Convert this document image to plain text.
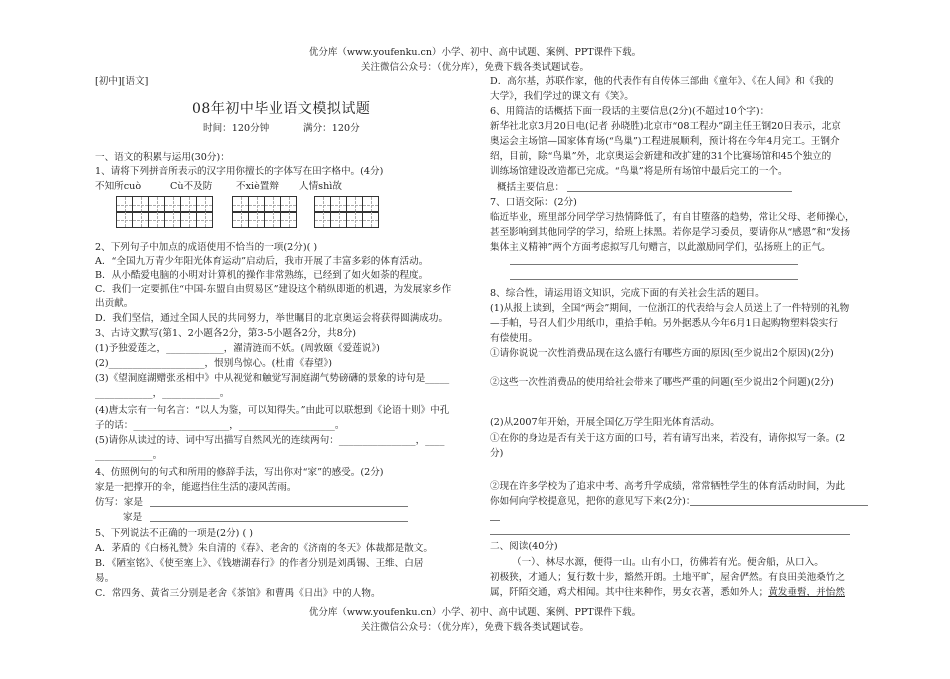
优分库（www.youfenku.cn）小学、初中、高中试题、案例、PPT课件下载。
关注微信公众号：（优分库），免费下载各类试题试卷。
[初中][语文]
08年初中毕业语文模拟试题
时间：120分钟	满分：120分
一、语文的积累与运用(30分)：
1、请将下列拼音所表示的汉字用你擅长的字体写在田字格中。(4分)
不知所cuò	Cù不及防 不xiè置辩 人情shì故
2、下列句子中加点的成语使用不恰当的一项(2分)( )
A．“全国九万青少年阳光体育运动”启动后，我市开展了丰富多彩的体育活动。
B．从小酷爱电脑的小明对计算机的操作非常熟练，已经到了如火如荼的程度。
C．我们一定要抓住“中国-东盟自由贸易区”建设这个稍纵即逝的机遇，为发展家乡作
出贡献。
D．我们坚信，通过全国人民的共同努力，举世瞩目的北京奥运会将获得圆满成功。
3、古诗文默写(第1、2小题各2分，第3-5小题各2分，共8分)
(1)予独爱莲之，____________，濯清涟而不妖。(周敦颐《爱莲说》)
(2)____________________，恨别鸟惊心。(杜甫《春望》)
(3)《望洞庭湖赠张丞相中》中从视觉和触觉写洞庭湖气势磅礴的景象的诗句是_____
____________，____________。
(4)唐太宗有一句名言：“以人为鉴，可以知得失。”由此可以联想到《论语十则》中孔
子的话：____________________，____________________。
(5)请你从读过的诗、词中写出描写自然风光的连续两句：________________，____
____________。
4、仿照例句的句式和所用的修辞手法，写出你对“家”的感受。(2分)
家是一把撑开的伞，能遮挡住生活的凄风苦雨。
仿写：家是
家是
5、下列说法不正确的一项是(2分) ( )
A．茅盾的《白杨礼赞》朱自清的《春》、老舍的《济南的冬天》体裁都是散文。
B．《陋室铭》、《使至塞上》、《钱塘湖春行》的作者分别是刘禹锡、王维、白居
易。
C．常四务、黄省三分别是老舍《茶馆》和曹禺《日出》中的人物。
D．高尔基，苏联作家，他的代表作有自传体三部曲《童年》、《在人间》和《我的
大学》，我们学过的课文有《笑》。
6、用简洁的话概括下面一段话的主要信息(2分)(不超过10个字)：
新华社北京3月20日电(记者 孙晓胜)北京市“08工程办”副主任王钢20日表示，北京
奥运会主场馆—国家体育场(“鸟巢”)工程进展顺利，预计将在今年4月完工。王钢介
绍，目前，除“鸟巢”外，北京奥运会新建和改扩建的31个比赛场馆和45个独立的
训练场馆建设改造都已完成。“鸟巢”将是所有场馆中最后完工的一个。
概括主要信息：
7、口语交际：(2分)
临近毕业，班里部分同学学习热情降低了，有自甘堕落的趋势，常让父母、老师操心，
甚至影响到其他同学的学习，给班上抹黑。若你是学习委员，要请你从“感恩”和“发扬
集体主义精神”两个方面考虑拟写几句赠言，以此激励同学们，弘扬班上的正气。
8、综合性，请运用语文知识，完成下面的有关社会生活的题目。
(1)从报上读到，全国“两会”期间，一位浙江的代表给与会人员送上了一件特别的礼物
—手帕，号召人们少用纸巾，重拾手帕。另外据悉从今年6月1日起购物塑料袋实行
有偿使用。
①请你说说一次性消费品现在这么盛行有哪些方面的原因(至少说出2个原因)(2分)
②这些一次性消费品的使用给社会带来了哪些严重的问题(至少说出2个问题)(2分)
(2)从2007年开始，开展全国亿万学生阳光体育活动。
①在你的身边是否有关于这方面的口号，若有请写出来，若没有，请你拟写一条。(2
分)
②现在许多学校为了追求中考、高考升学成绩，常常牺牲学生的体育活动时间，为此
你如何向学校提意见，把你的意见写下来(2分)：
二、阅读(40分)
（一）、林尽水源，便得一山。山有小口，彷佛若有光。便舍船，从口入。
初极狭，才通人；复行数十步，豁然开朗。土地平旷，屋舍俨然。有良田美池桑竹之
属，阡陌交通，鸡犬相闻。其中往来种作，男女衣著，悉如外人；黄发垂髫，并怡然
优分库（www.youfenku.cn）小学、初中、高中试题、案例、PPT课件下载。
关注微信公众号：（优分库），免费下载各类试题试卷。
